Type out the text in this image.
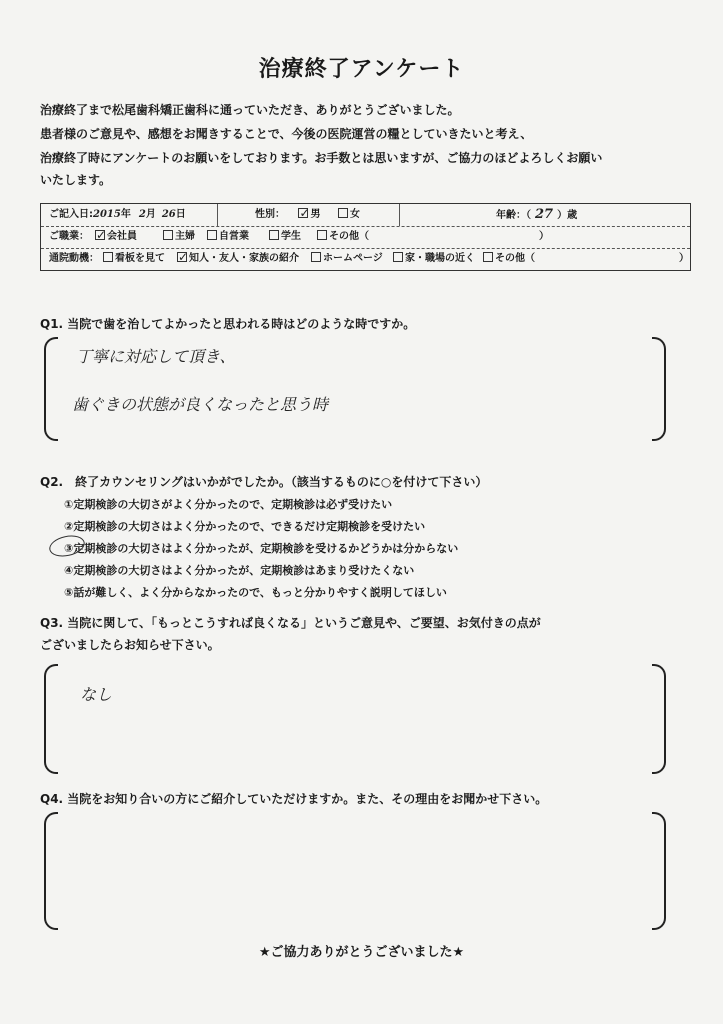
治療終了アンケート
治療終了まで松尾歯科矯正歯科に通っていただき、ありがとうございました。
患者様のご意見や、感想をお聞きすることで、今後の医院運営の糧としていきたいと考え、
治療終了時にアンケートのお願いをしております。お手数とは思いますが、ご協力のほどよろしくお願い
いたします。
ご記入日:2015年 2月 26日	性別： ✓	男	女	年齢：（ 27 ）歳
ご職業： ✓	会社員	主婦	自営業	学生	その他（	）
通院動機：	看板を見て ✓	知人・友人・家族の紹介	ホームページ	家・職場の近く	その他（	）
Q1. 当院で歯を治してよかったと思われる時はどのような時ですか。
丁寧に対応して頂き、
歯ぐきの状態が良くなったと思う時
Q2.　終了カウンセリングはいかがでしたか。（該当するものに○を付けて下さい）
①定期検診の大切さがよく分かったので、定期検診は必ず受けたい
②定期検診の大切さはよく分かったので、できるだけ定期検診を受けたい
③定期検診の大切さはよく分かったが、定期検診を受けるかどうかは分からない
④定期検診の大切さはよく分かったが、定期検診はあまり受けたくない
⑤話が難しく、よく分からなかったので、もっと分かりやすく説明してほしい
Q3. 当院に関して、「もっとこうすれば良くなる」というご意見や、ご要望、お気付きの点が
ございましたらお知らせ下さい。
なし
Q4. 当院をお知り合いの方にご紹介していただけますか。また、その理由をお聞かせ下さい。
★ご協力ありがとうございました★
